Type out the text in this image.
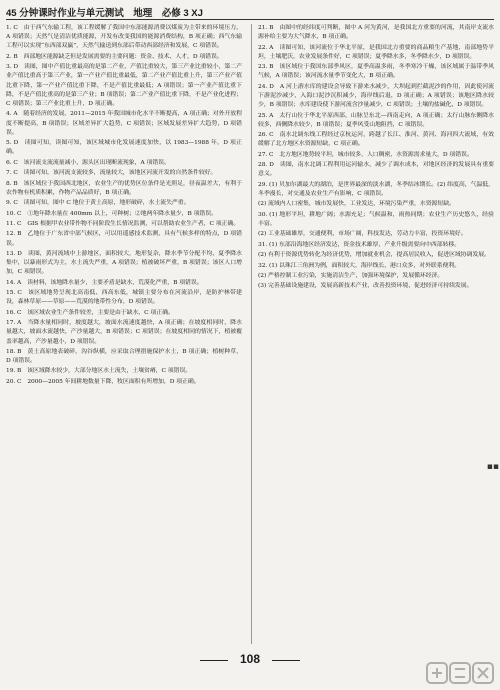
45 分钟课时作业与单元测试　地理　必修 3 XJ

1. C　由于西气东输工程，该工程缓解了我国中东部能源消费以煤炭为主带来的环境压力，A 项错误；天然气是清洁优质能源，开发有改变我国的能源消费结构，B 项正确；西气东输工程可以实现“东西部双赢”，天然气输送到东部后带动西部经济和发展，C 项错误。

2. B　西部地区能源缺乏但是发展需要的主要问题：资金、技术、人才，D 项错误。

3. D　读图，图中产值比重最高的是第二产业，产值比重较大，第三产业比重较小，第二产业产值比重高于第三产业，第一产业产值比重最低，第二产业产值比重上升，第三产业产值比重下降，第一产业产值比重下降，不是产值比重最低；A 项错误；第一产业产值比重下降，不是产值比重高的是第三产业；B 项错误；第二产业产值比重下降，不是产业化进程；C 项错误；第三产业比重上升，D 项正确。

4. A　随着经济的发展，2011—2015 年我国城市化水平不断提高，A 项正确；对外开放程度不断提高，B 项错误；区域差异扩大趋势，C 项错误；区域发展差异扩大趋势，D 项错误。

5. D　读图可知，读图可知，该区域城市化发展速度加快，以 1983—1988 年，D 项正确。

6. C　该河流支流流量减小，源头区出现断流现象，A 项错误。

7. C　读图可知，该河流支流较多，流量较大，该地区河流开发的自然条件较好。

8. B　该区域位于我国西北地区，农业生产的优势区位条件是光照足，昼夜温差大，有利于农作物有机质积累，作物产品品质好，B 项正确。

9. C　读图可知，图中 C 地位于黄土高原，地形破碎，水土流失严重。

10. C　①地年降水量在 400mm 以上，可种树；②地两年降水量少，B 项错误。

11. C　GIS 根据甲农业带作物不同阶段生长情况监测，可以帮助农业生产者，C 项正确。

12. B　乙地位于广东省中部气候区，可以用遥感技术监测，具有气候多样的特点，D 项错误。

13. D　读图，黄河流域中上游地区，面积较大，地形复杂，降水季节分配不均，夏季降水集中，以暴雨形式为主，水土流失严重，A 项错误；植被破坏严重，B 项错误；该区人口增加，C 项错误。

14. A　读材料，该地降水量少，主要矛盾是缺水，荒漠化严重，B 项错误。

15. C　该区域地势呈现北高南低、西高东低，城镇主要分布在河流沿岸，是防护林带建设，森林草原——草原——荒漠的地带性分布，D 项错误。

16. C　该区域农业生产条件较差，主要是由于缺水，C 项正确。

17. A　当降水量相同时，坡度越大，坡面水流速度越快，A 项正确；在坡度相同时，降水量越大，坡面水流越快，产沙量越大，B 项错误；C 项错误；在坡度相同的情况下，植被覆盖率越高，产沙量越小，D 项错误。

18. B　黄土高原地表破碎，沟谷纵横，应采取合理措施保护水土，B 项正确；植树种草，D 项错误。

19. B　该区域降水较少，大部分地区水土流失，土壤贫瘠，C 项错误。

20. C　2000—2005 年间耕地数量下降，牧区面积有所增加，D 项正确。

21. B　由图中的经纬度可判断，图中 A 河为黄河，是我国北方重要的河流，其南岸支流水源补给主要为大气降水，B 项正确。

22. A　读图可知，该河流位于华北平原，是我国北方重要的商品粮生产基地，南部地势平坦，土壤肥沃，农业发展条件好，C 项错误；夏季降水多，冬季降水少，D 项错误。

23. B　该区域位于我国东部季风区，夏季高温多雨，冬季寒冷干燥，该区域属于温带季风气候，A 项错误；该河流水量季节变化大，B 项正确。

24. D　A 河上游水库的建设会导致下游来水减少，大坝起到拦截泥沙的作用，因此使河流下游泥沙减少，入海口泥沙沉积减少，海岸线后退，D 项正确；A 项错误；该地区降水较少，B 项错误；水库建设使下游河流含沙量减少，C 项错误；土壤的盐碱化，D 项错误。

25. A　太行山位于华北平原西部，山脉呈东北—西南走向，A 项正确；太行山脉东侧降水较多，西侧降水较少，B 项错误；夏季风受山地阻挡，C 项错误。

26. C　南水北调东线工程经过京杭运河，跨越了长江、淮河、黄河、海河四大流域，有效缓解了北方地区水资源短缺，C 项正确。

27. C　北方地区地势较平坦，城市较多，人口稠密，水资源需求量大，D 项错误。

28. D　读图，南水北调工程利用运河输水，减少了调水成本，对地区经济的发展具有重要意义。

29. (1) 贝加尔湖最大的湖泊，是世界最深的淡水湖，冬季结冰期长。(2) 纬度高，气温低，冬季漫长，对交通及农业生产有影响，C 项错误。

(2) 流域内人口密集，城市发展快，工业发达，环境污染严重，水资源短缺。

30. (1) 地形平坦，耕地广阔；水源充足；气候温和，雨热同期；农业生产历史悠久，经验丰富。

(2) 工业基础雄厚，交通便利，市场广阔，科技发达，劳动力丰富，投资环境好。

31. (1) 东部沿海地区经济发达，资金技术雄厚，产业升级需要向中西部转移。

(2) 有利于资源优势转化为经济优势，增加就业机会，提高居民收入，促进区域协调发展。

32. (1) 以珠江三角洲为例，面积较大，海岸线长，港口众多，对外联系便利。

(2) 严格控制工业污染，实施清洁生产，加强环境保护，发展循环经济。

(3) 完善基础设施建设，发展高新技术产业，改善投资环境，促进经济可持续发展。

▪▪
108
